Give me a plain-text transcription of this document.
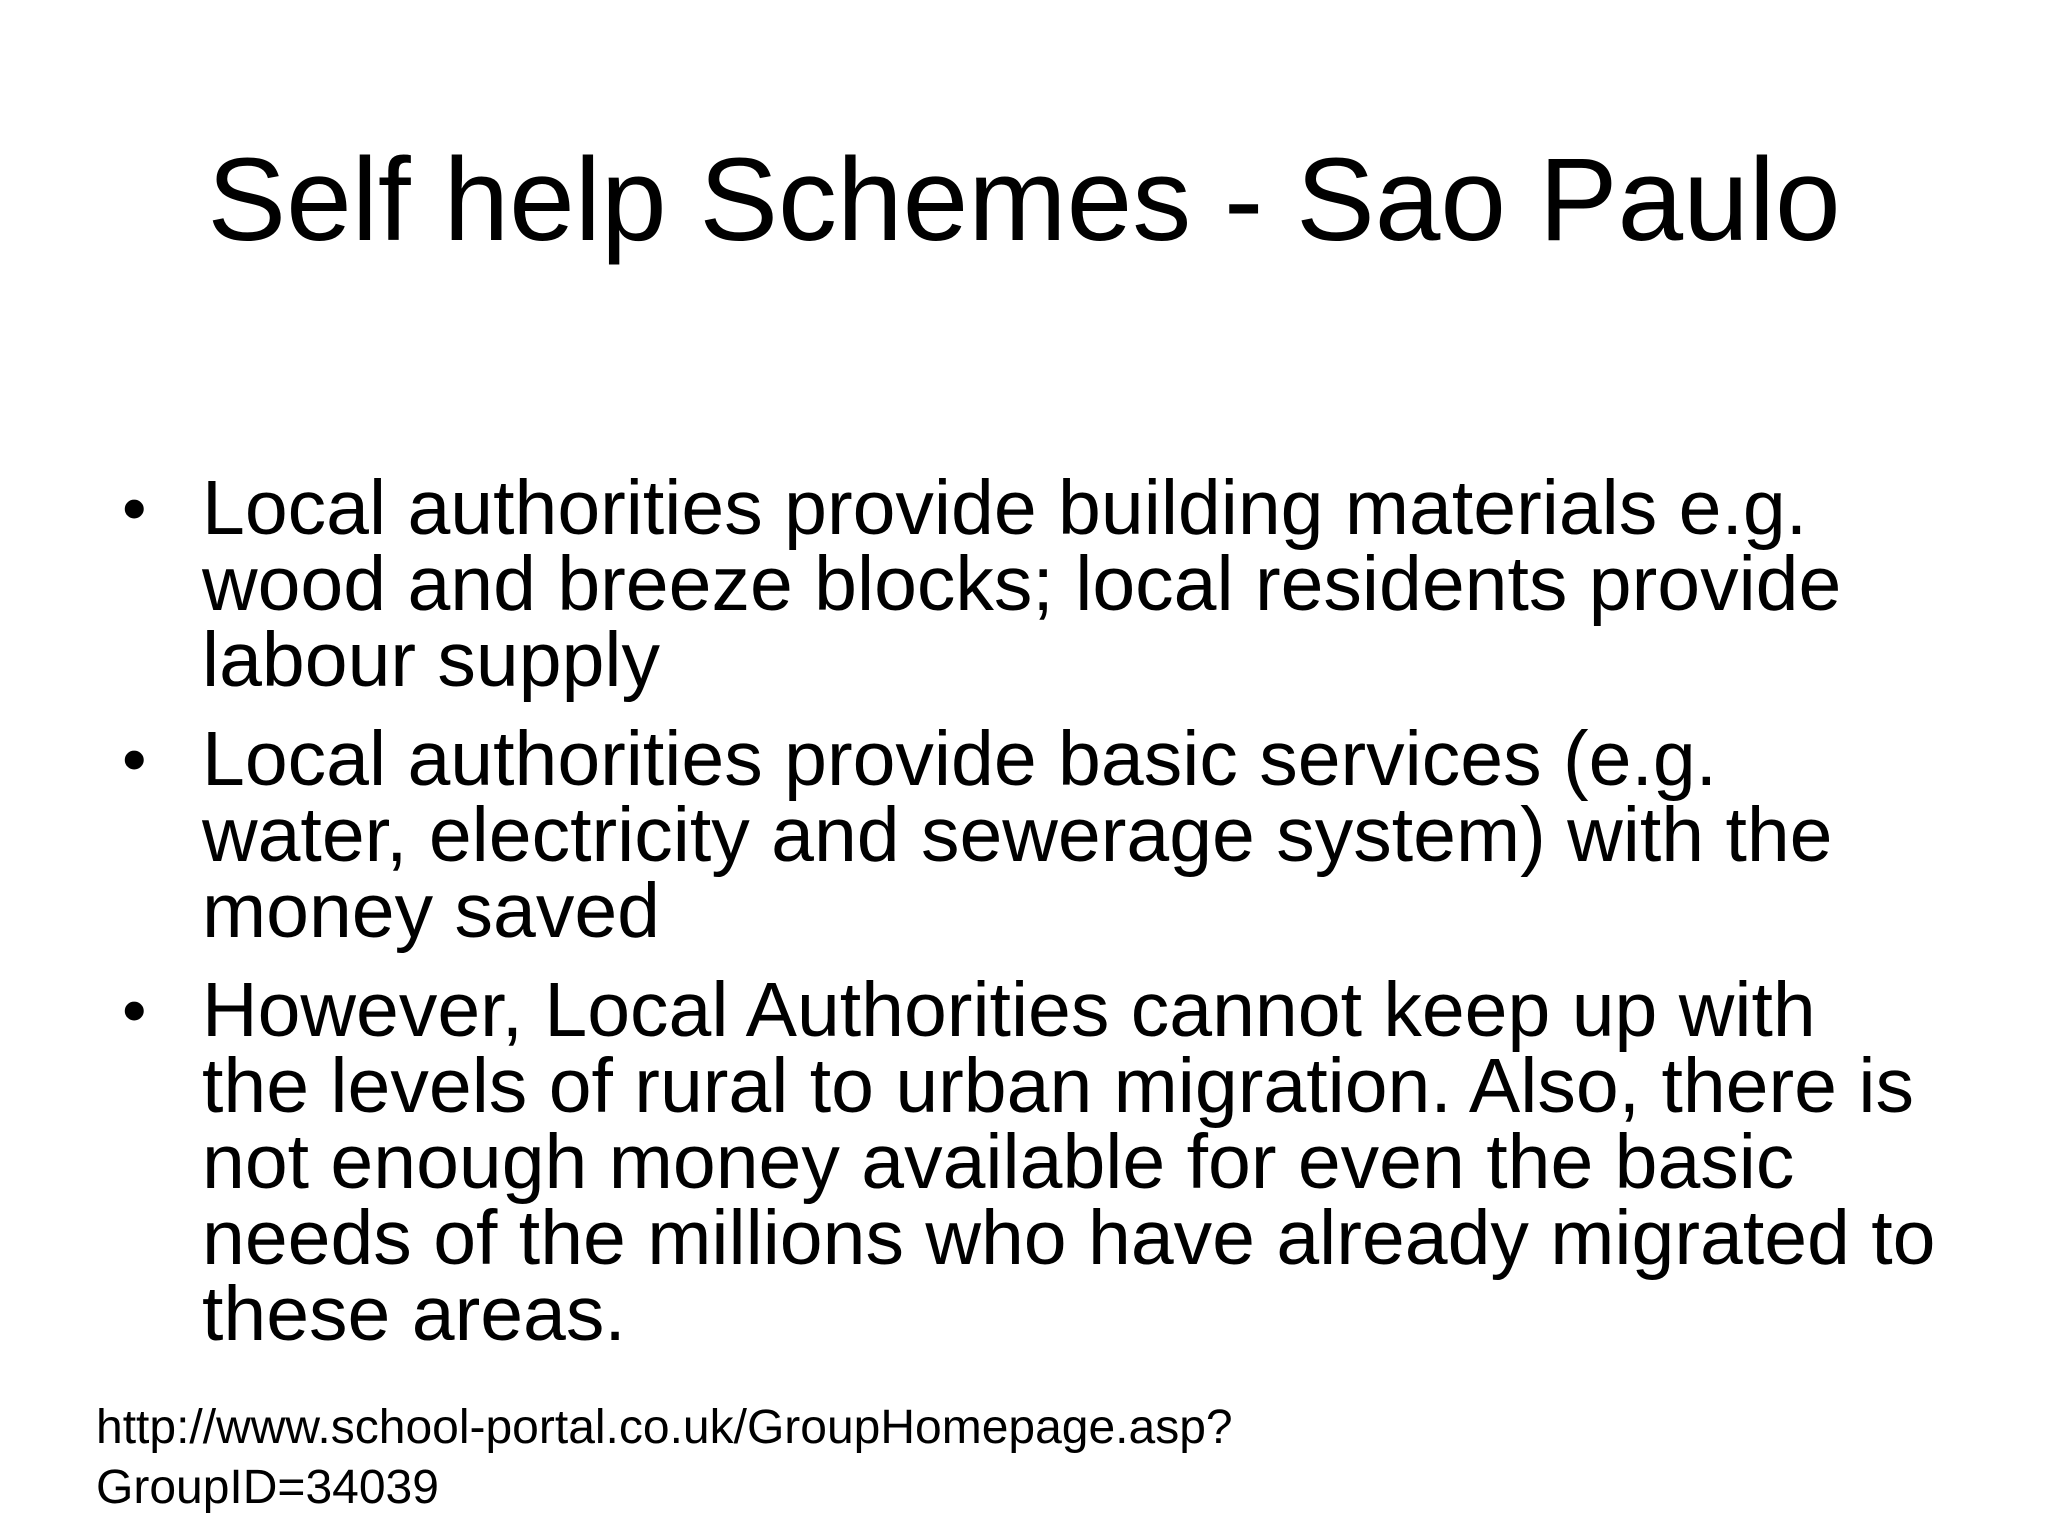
Self help Schemes - Sao Paulo
• Local authorities provide building materials e.g. wood and breeze blocks; local residents provide labour supply
• Local authorities provide basic services (e.g. water, electricity and sewerage system) with the money saved
• However, Local Authorities cannot keep up with the levels of rural to urban migration. Also, there is not enough money available for even the basic needs of the millions who have already migrated to these areas.
http://www.school-portal.co.uk/GroupHomepage.asp?
GroupID=34039
